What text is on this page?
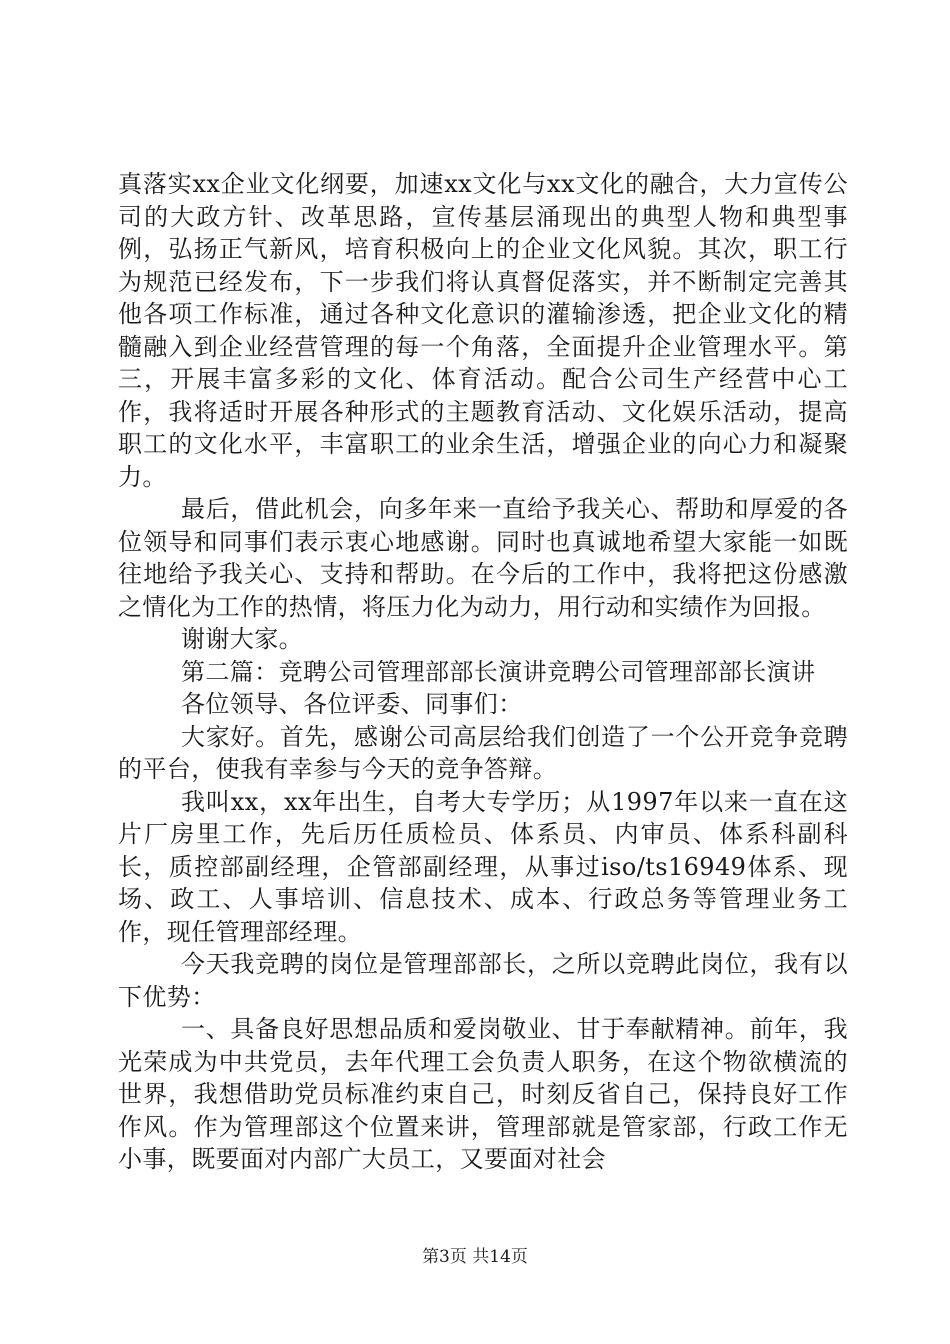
真落实xx企业文化纲要，加速xx文化与xx文化的融合，大力宣传公司的大政方针、改革思路，宣传基层涌现出的典型人物和典型事例，弘扬正气新风，培育积极向上的企业文化风貌。其次，职工行为规范已经发布，下一步我们将认真督促落实，并不断制定完善其他各项工作标准，通过各种文化意识的灌输渗透，把企业文化的精髓融入到企业经营管理的每一个角落，全面提升企业管理水平。第三，开展丰富多彩的文化、体育活动。配合公司生产经营中心工作，我将适时开展各种形式的主题教育活动、文化娱乐活动，提高职工的文化水平，丰富职工的业余生活，增强企业的向心力和凝聚力。

最后，借此机会，向多年来一直给予我关心、帮助和厚爱的各位领导和同事们表示衷心地感谢。同时也真诚地希望大家能一如既往地给予我关心、支持和帮助。在今后的工作中，我将把这份感激之情化为工作的热情，将压力化为动力，用行动和实绩作为回报。

谢谢大家。

第二篇：竞聘公司管理部部长演讲竞聘公司管理部部长演讲

各位领导、各位评委、同事们：

大家好。首先，感谢公司高层给我们创造了一个公开竞争竞聘的平台，使我有幸参与今天的竞争答辩。

我叫xx，xx年出生，自考大专学历；从1997年以来一直在这片厂房里工作，先后历任质检员、体系员、内审员、体系科副科长，质控部副经理，企管部副经理，从事过iso/ts16949体系、现场、政工、人事培训、信息技术、成本、行政总务等管理业务工作，现任管理部经理。

今天我竞聘的岗位是管理部部长，之所以竞聘此岗位，我有以下优势：

一、具备良好思想品质和爱岗敬业、甘于奉献精神。前年，我光荣成为中共党员，去年代理工会负责人职务，在这个物欲横流的世界，我想借助党员标准约束自己，时刻反省自己，保持良好工作作风。作为管理部这个位置来讲，管理部就是管家部，行政工作无小事，既要面对内部广大员工，又要面对社会

第3页 共14页
